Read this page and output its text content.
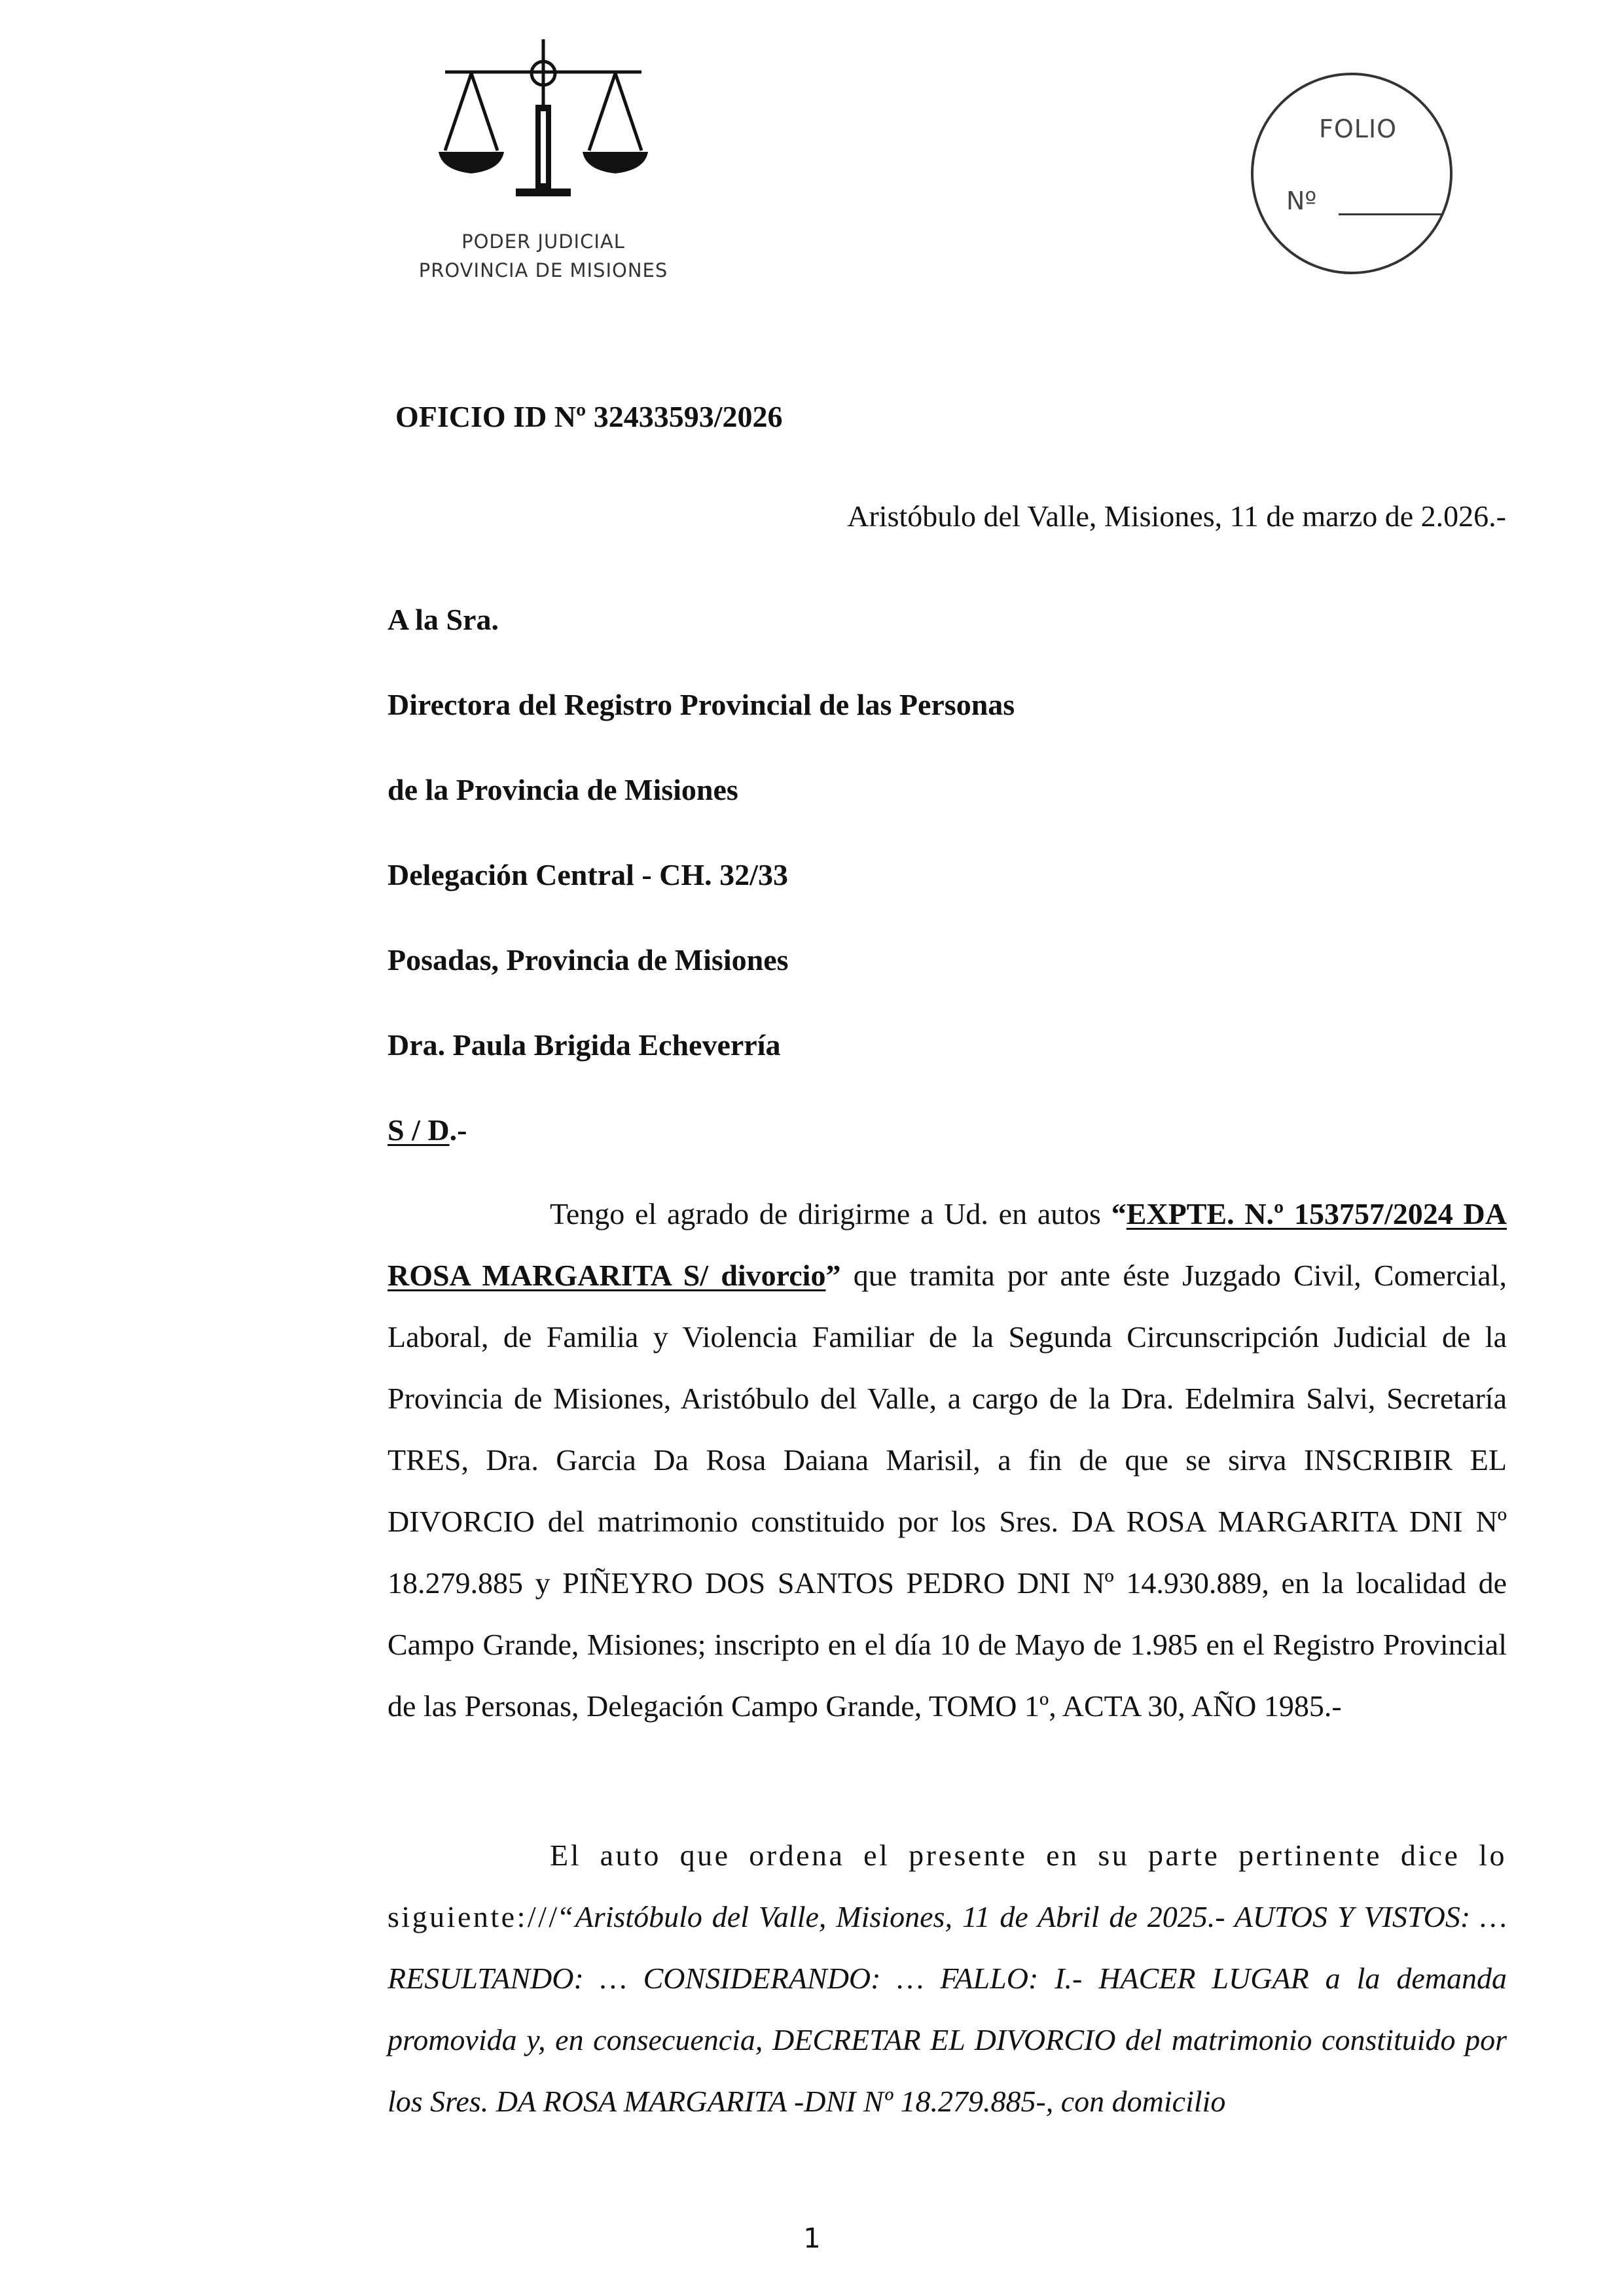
PODER JUDICIAL
PROVINCIA DE MISIONES
FOLIO
Nº
OFICIO ID Nº 32433593/2026
Aristóbulo del Valle, Misiones, 11 de marzo de 2.026.-
A la Sra.
Directora del Registro Provincial de las Personas
de la Provincia de Misiones
Delegación Central - CH. 32/33
Posadas, Provincia de Misiones
Dra. Paula Brigida Echeverría
S / D.-

Tengo el agrado de dirigirme a Ud. en autos “EXPTE. N.º 153757/2024 DA ROSA MARGARITA S/ divorcio” que tramita por ante éste Juzgado Civil, Comercial, Laboral, de Familia y Violencia Familiar de la Segunda Circunscripción Judicial de la Provincia de Misiones, Aristóbulo del Valle, a cargo de la Dra. Edelmira Salvi, Secretaría TRES, Dra. Garcia Da Rosa Daiana Marisil, a fin de que se sirva INSCRIBIR EL DIVORCIO del matrimonio constituido por los Sres. DA ROSA MARGARITA DNI Nº 18.279.885 y PIÑEYRO DOS SANTOS PEDRO DNI Nº 14.930.889, en la localidad de Campo Grande, Misiones; inscripto en el día 10 de Mayo de 1.985 en el Registro Provincial de las Personas, Delegación Campo Grande, TOMO 1º, ACTA 30, AÑO 1985.-

El auto que ordena el presente en su parte pertinente dice lo siguiente:///“Aristóbulo del Valle, Misiones, 11 de Abril de 2025.- AUTOS Y VISTOS: … RESULTANDO: … CONSIDERANDO: … FALLO: I.- HACER LUGAR a la demanda promovida y, en consecuencia, DECRETAR EL DIVORCIO del matrimonio constituido por los Sres. DA ROSA MARGARITA -DNI Nº 18.279.885-, con domicilio

1
